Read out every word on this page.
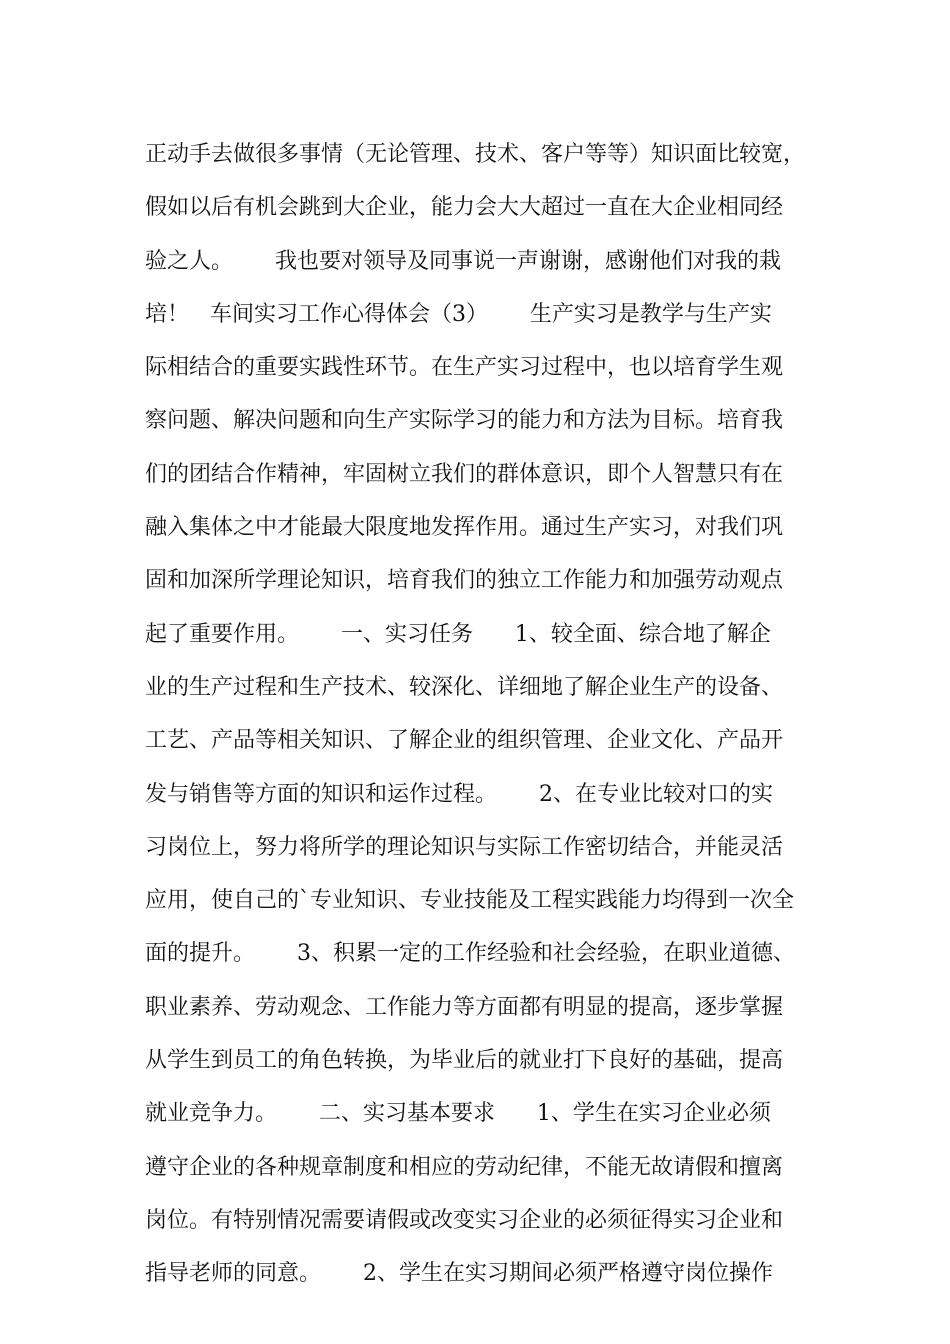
正动手去做很多事情（无论管理、技术、客户等等）知识面比较宽，
假如以后有机会跳到大企业，能力会大大超过一直在大企业相同经
验之人。      我也要对领导及同事说一声谢谢，感谢他们对我的栽
培！   车间实习工作心得体会（3）      生产实习是教学与生产实
际相结合的重要实践性环节。在生产实习过程中，也以培育学生观
察问题、解决问题和向生产实际学习的能力和方法为目标。培育我
们的团结合作精神，牢固树立我们的群体意识，即个人智慧只有在
融入集体之中才能最大限度地发挥作用。通过生产实习，对我们巩
固和加深所学理论知识，培育我们的独立工作能力和加强劳动观点
起了重要作用。      一、实习任务      1、较全面、综合地了解企
业的生产过程和生产技术、较深化、详细地了解企业生产的设备、
工艺、产品等相关知识、了解企业的组织管理、企业文化、产品开
发与销售等方面的知识和运作过程。      2、在专业比较对口的实
习岗位上，努力将所学的理论知识与实际工作密切结合，并能灵活
应用，使自己的`专业知识、专业技能及工程实践能力均得到一次全
面的提升。      3、积累一定的工作经验和社会经验，在职业道德、
职业素养、劳动观念、工作能力等方面都有明显的提高，逐步掌握
从学生到员工的角色转换，为毕业后的就业打下良好的基础，提高
就业竞争力。      二、实习基本要求      1、学生在实习企业必须
遵守企业的各种规章制度和相应的劳动纪律，不能无故请假和擅离
岗位。有特别情况需要请假或改变实习企业的必须征得实习企业和
指导老师的同意。      2、学生在实习期间必须严格遵守岗位操作
